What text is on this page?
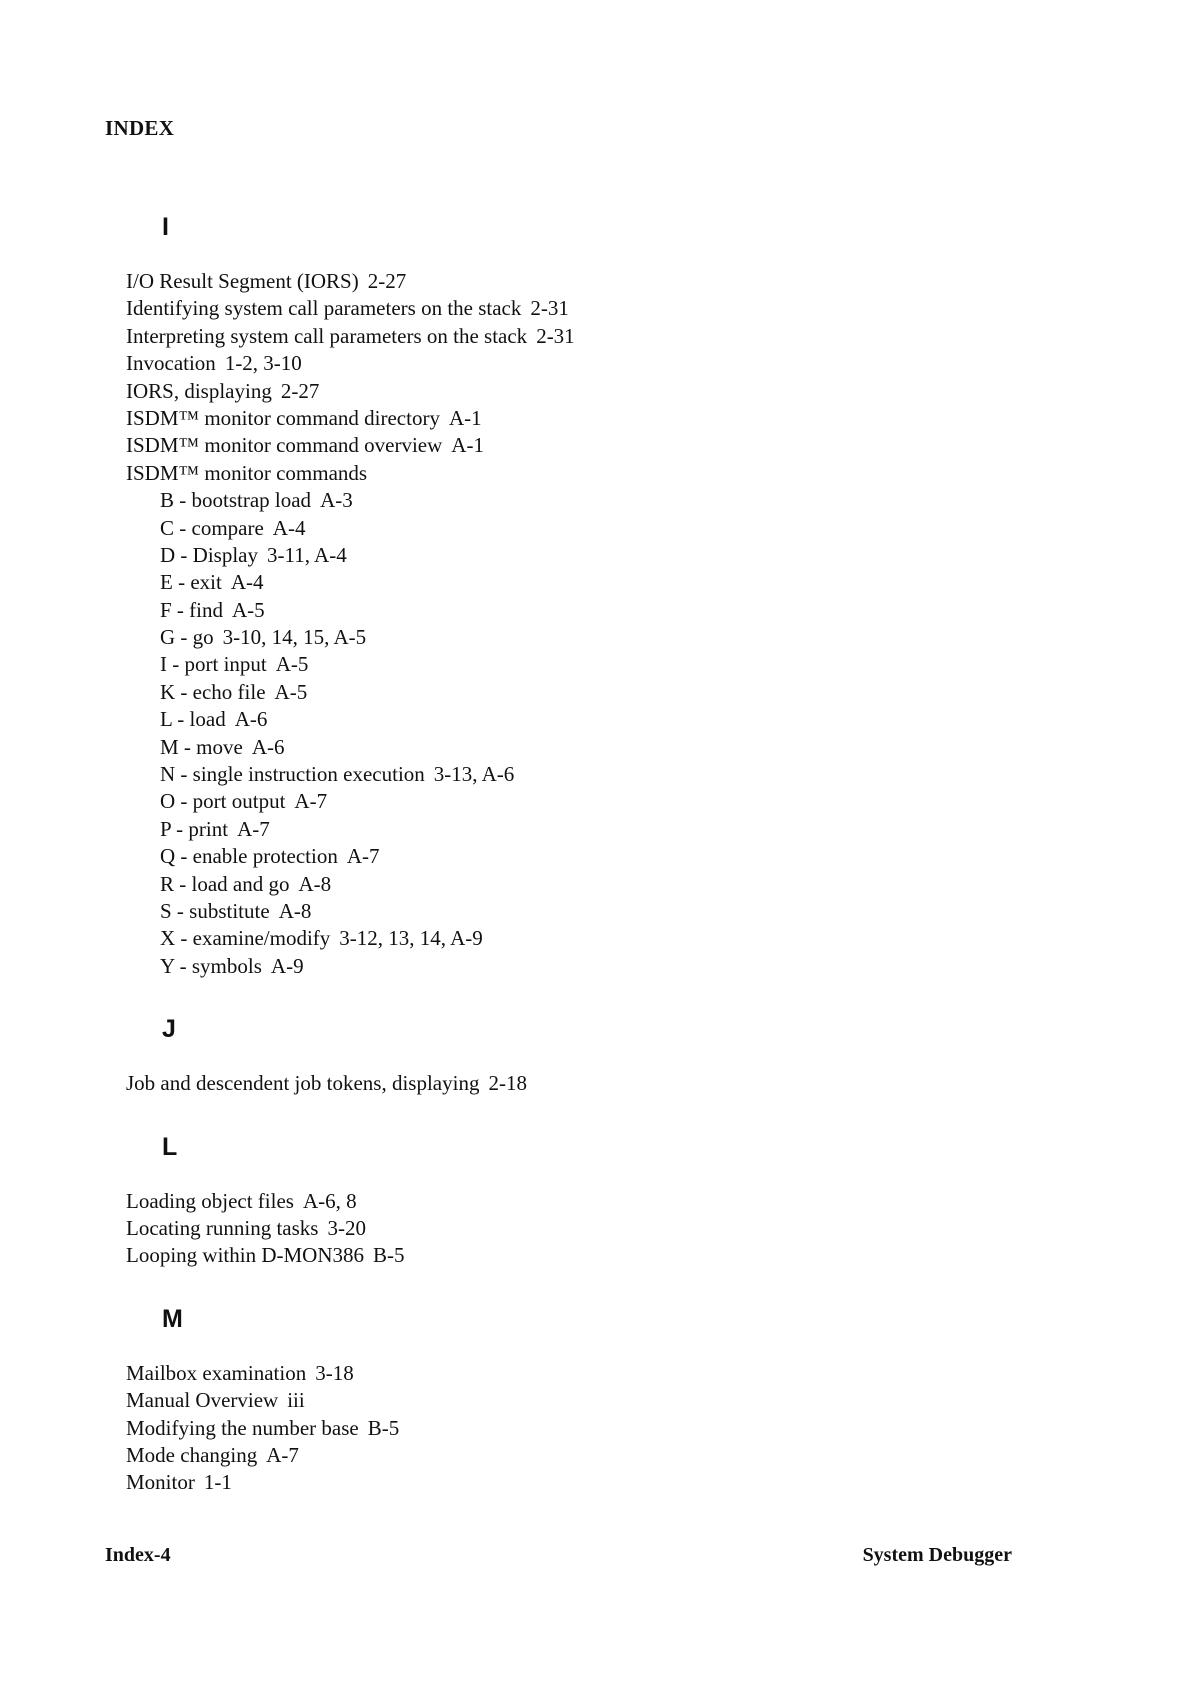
INDEX
I
I/O Result Segment (IORS) 2-27
Identifying system call parameters on the stack 2-31
Interpreting system call parameters on the stack 2-31
Invocation 1-2, 3-10
IORS, displaying 2-27
ISDM™ monitor command directory A-1
ISDM™ monitor command overview A-1
ISDM™ monitor commands
B - bootstrap load A-3
C - compare A-4
D - Display 3-11, A-4
E - exit A-4
F - find A-5
G - go 3-10, 14, 15, A-5
I - port input A-5
K - echo file A-5
L - load A-6
M - move A-6
N - single instruction execution 3-13, A-6
O - port output A-7
P - print A-7
Q - enable protection A-7
R - load and go A-8
S - substitute A-8
X - examine/modify 3-12, 13, 14, A-9
Y - symbols A-9
J
Job and descendent job tokens, displaying 2-18
L
Loading object files A-6, 8
Locating running tasks 3-20
Looping within D-MON386 B-5
M
Mailbox examination 3-18
Manual Overview iii
Modifying the number base B-5
Mode changing A-7
Monitor 1-1
Index-4	System Debugger
